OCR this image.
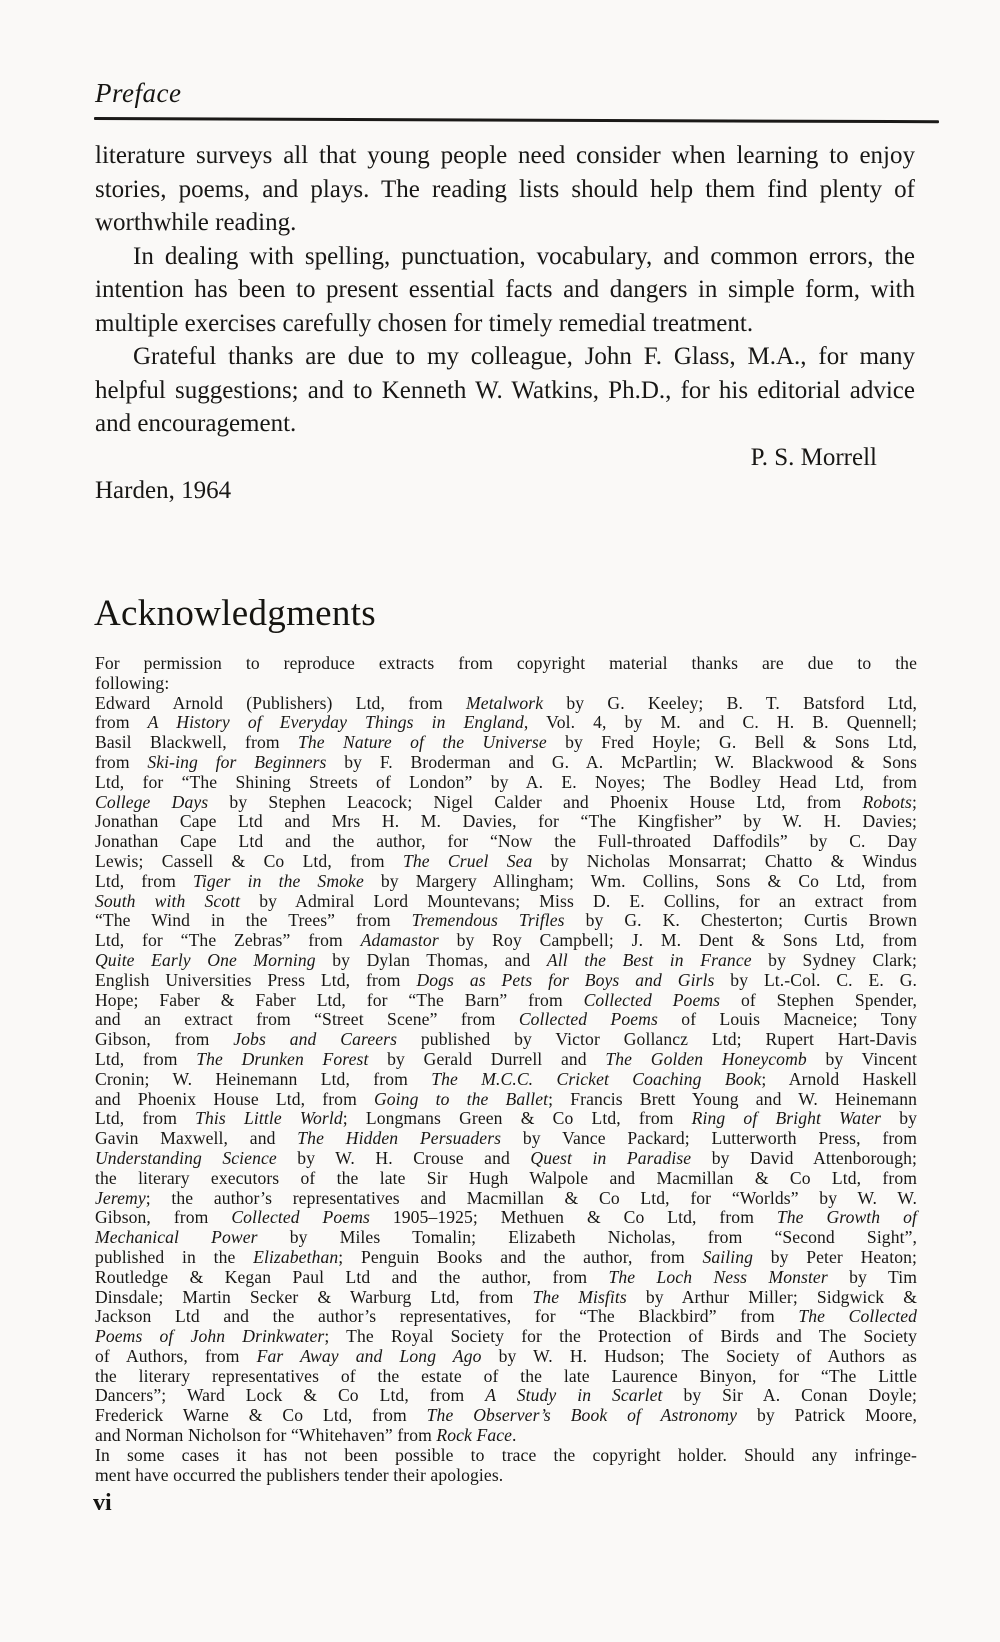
Preface

literature surveys all that young people need consider when learning to enjoy stories, poems, and plays. The reading lists should help them find plenty of worthwhile reading.

In dealing with spelling, punctuation, vocabulary, and common errors, the intention has been to present essential facts and dangers in simple form, with multiple exercises carefully chosen for timely remedial treatment.

Grateful thanks are due to my colleague, John F. Glass, M.A., for many helpful suggestions; and to Kenneth W. Watkins, Ph.D., for his editorial advice and encouragement.

P. S. Morrell

Harden, 1964

Acknowledgments
For permission to reproduce extracts from copyright material thanks are due to the
following:
Edward Arnold (Publishers) Ltd, from Metalwork by G. Keeley; B. T. Batsford Ltd,
from A History of Everyday Things in England, Vol. 4, by M. and C. H. B. Quennell;
Basil Blackwell, from The Nature of the Universe by Fred Hoyle; G. Bell & Sons Ltd,
from Ski-ing for Beginners by F. Broderman and G. A. McPartlin; W. Blackwood & Sons
Ltd, for “The Shining Streets of London” by A. E. Noyes; The Bodley Head Ltd, from
College Days by Stephen Leacock; Nigel Calder and Phoenix House Ltd, from Robots;
Jonathan Cape Ltd and Mrs H. M. Davies, for “The Kingfisher” by W. H. Davies;
Jonathan Cape Ltd and the author, for “Now the Full-throated Daffodils” by C. Day
Lewis; Cassell & Co Ltd, from The Cruel Sea by Nicholas Monsarrat; Chatto & Windus
Ltd, from Tiger in the Smoke by Margery Allingham; Wm. Collins, Sons & Co Ltd, from
South with Scott by Admiral Lord Mountevans; Miss D. E. Collins, for an extract from
“The Wind in the Trees” from Tremendous Trifles by G. K. Chesterton; Curtis Brown
Ltd, for “The Zebras” from Adamastor by Roy Campbell; J. M. Dent & Sons Ltd, from
Quite Early One Morning by Dylan Thomas, and All the Best in France by Sydney Clark;
English Universities Press Ltd, from Dogs as Pets for Boys and Girls by Lt.-Col. C. E. G.
Hope; Faber & Faber Ltd, for “The Barn” from Collected Poems of Stephen Spender,
and an extract from “Street Scene” from Collected Poems of Louis Macneice; Tony
Gibson, from Jobs and Careers published by Victor Gollancz Ltd; Rupert Hart-Davis
Ltd, from The Drunken Forest by Gerald Durrell and The Golden Honeycomb by Vincent
Cronin; W. Heinemann Ltd, from The M.C.C. Cricket Coaching Book; Arnold Haskell
and Phoenix House Ltd, from Going to the Ballet; Francis Brett Young and W. Heinemann
Ltd, from This Little World; Longmans Green & Co Ltd, from Ring of Bright Water by
Gavin Maxwell, and The Hidden Persuaders by Vance Packard; Lutterworth Press, from
Understanding Science by W. H. Crouse and Quest in Paradise by David Attenborough;
the literary executors of the late Sir Hugh Walpole and Macmillan & Co Ltd, from
Jeremy; the author’s representatives and Macmillan & Co Ltd, for “Worlds” by W. W.
Gibson, from Collected Poems 1905–1925; Methuen & Co Ltd, from The Growth of
Mechanical Power by Miles Tomalin; Elizabeth Nicholas, from “Second Sight”,
published in the Elizabethan; Penguin Books and the author, from Sailing by Peter Heaton;
Routledge & Kegan Paul Ltd and the author, from The Loch Ness Monster by Tim
Dinsdale; Martin Secker & Warburg Ltd, from The Misfits by Arthur Miller; Sidgwick &
Jackson Ltd and the author’s representatives, for “The Blackbird” from The Collected
Poems of John Drinkwater; The Royal Society for the Protection of Birds and The Society
of Authors, from Far Away and Long Ago by W. H. Hudson; The Society of Authors as
the literary representatives of the estate of the late Laurence Binyon, for “The Little
Dancers”; Ward Lock & Co Ltd, from A Study in Scarlet by Sir A. Conan Doyle;
Frederick Warne & Co Ltd, from The Observer’s Book of Astronomy by Patrick Moore,
and Norman Nicholson for “Whitehaven” from Rock Face.
In some cases it has not been possible to trace the copyright holder. Should any infringe-
ment have occurred the publishers tender their apologies.
vi
